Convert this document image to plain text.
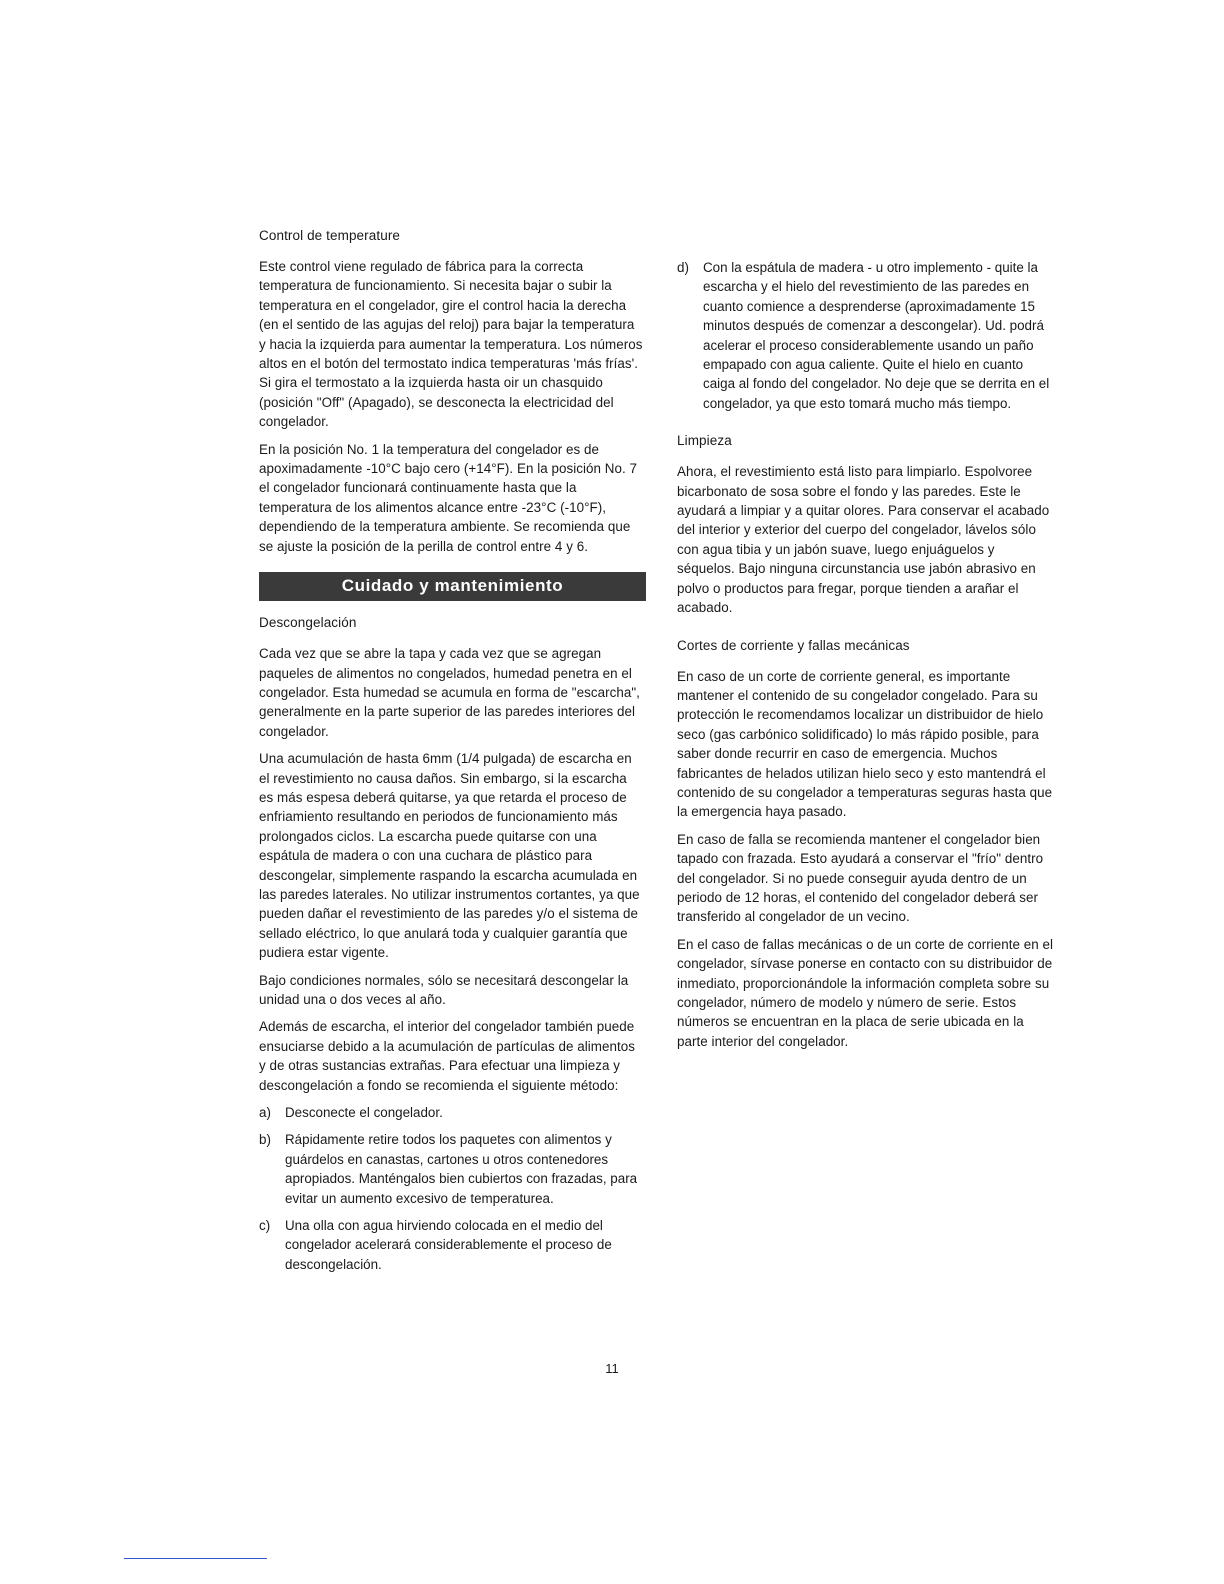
Control de temperature

Este control viene regulado de fábrica para la correcta temperatura de funcionamiento. Si necesita bajar o subir la temperatura en el congelador, gire el control hacia la derecha (en el sentido de las agujas del reloj) para bajar la temperatura y hacia la izquierda para aumentar la temperatura. Los números altos en el botón del termostato indica temperaturas 'más frías'. Si gira el termostato a la izquierda hasta oir un chasquido (posición "Off" (Apagado), se desconecta la electricidad del congelador.

En la posición No. 1 la temperatura del congelador es de apoximadamente -10°C bajo cero (+14°F). En la posición No. 7 el congelador funcionará continuamente hasta que la temperatura de los alimentos alcance entre -23°C (-10°F), dependiendo de la temperatura ambiente. Se recomienda que se ajuste la posición de la perilla de control entre 4 y 6.

Cuidado y mantenimiento
Descongelación

Cada vez que se abre la tapa y cada vez que se agregan paqueles de alimentos no congelados, humedad penetra en el congelador. Esta humedad se acumula en forma de "escarcha", generalmente en la parte superior de las paredes interiores del congelador.

Una acumulación de hasta 6mm (1/4 pulgada) de escarcha en el revestimiento no causa daños. Sin embargo, si la escarcha es más espesa deberá quitarse, ya que retarda el proceso de enfriamiento resultando en periodos de funcionamiento más prolongados ciclos. La escarcha puede quitarse con una espátula de madera o con una cuchara de plástico para descongelar, simplemente raspando la escarcha acumulada en las paredes laterales. No utilizar instrumentos cortantes, ya que pueden dañar el revestimiento de las paredes y/o el sistema de sellado eléctrico, lo que anulará toda y cualquier garantía que pudiera estar vigente.

Bajo condiciones normales, sólo se necesitará descongelar la unidad una o dos veces al año.

Además de escarcha, el interior del congelador también puede ensuciarse debido a la acumulación de partículas de alimentos y de otras sustancias extrañas. Para efectuar una limpieza y descongelación a fondo se recomienda el siguiente método:

a)	Desconecte el congelador.
b)	Rápidamente retire todos los paquetes con alimentos y guárdelos en canastas, cartones u otros contenedores apropiados. Manténgalos bien cubiertos con frazadas, para evitar un aumento excesivo de temperaturea.
c)	Una olla con agua hirviendo colocada en el medio del congelador acelerará considerablemente el proceso de descongelación.
d)	Con la espátula de madera - u otro implemento - quite la escarcha y el hielo del revestimiento de las paredes en cuanto comience a desprenderse (aproximadamente 15 minutos después de comenzar a descongelar). Ud. podrá acelerar el proceso considerablemente usando un paño empapado con agua caliente. Quite el hielo en cuanto caiga al fondo del congelador. No deje que se derrita en el congelador, ya que esto tomará mucho más tiempo.
Limpieza

Ahora, el revestimiento está listo para limpiarlo. Espolvoree bicarbonato de sosa sobre el fondo y las paredes. Este le ayudará a limpiar y a quitar olores. Para conservar el acabado del interior y exterior del cuerpo del congelador, lávelos sólo con agua tibia y un jabón suave, luego enjuáguelos y séquelos. Bajo ninguna circunstancia use jabón abrasivo en polvo o productos para fregar, porque tienden a arañar el acabado.

Cortes de corriente y fallas mecánicas

En caso de un corte de corriente general, es importante mantener el contenido de su congelador congelado. Para su protección le recomendamos localizar un distribuidor de hielo seco (gas carbónico solidificado) lo más rápido posible, para saber donde recurrir en caso de emergencia. Muchos fabricantes de helados utilizan hielo seco y esto mantendrá el contenido de su congelador a temperaturas seguras hasta que la emergencia haya pasado.

En caso de falla se recomienda mantener el congelador bien tapado con frazada. Esto ayudará a conservar el "frío" dentro del congelador. Si no puede conseguir ayuda dentro de un periodo de 12 horas, el contenido del congelador deberá ser transferido al congelador de un vecino.

En el caso de fallas mecánicas o de un corte de corriente en el congelador, sírvase ponerse en contacto con su distribuidor de inmediato, proporcionándole la información completa sobre su congelador, número de modelo y número de serie. Estos números se encuentran en la placa de serie ubicada en la parte interior del congelador.

11
